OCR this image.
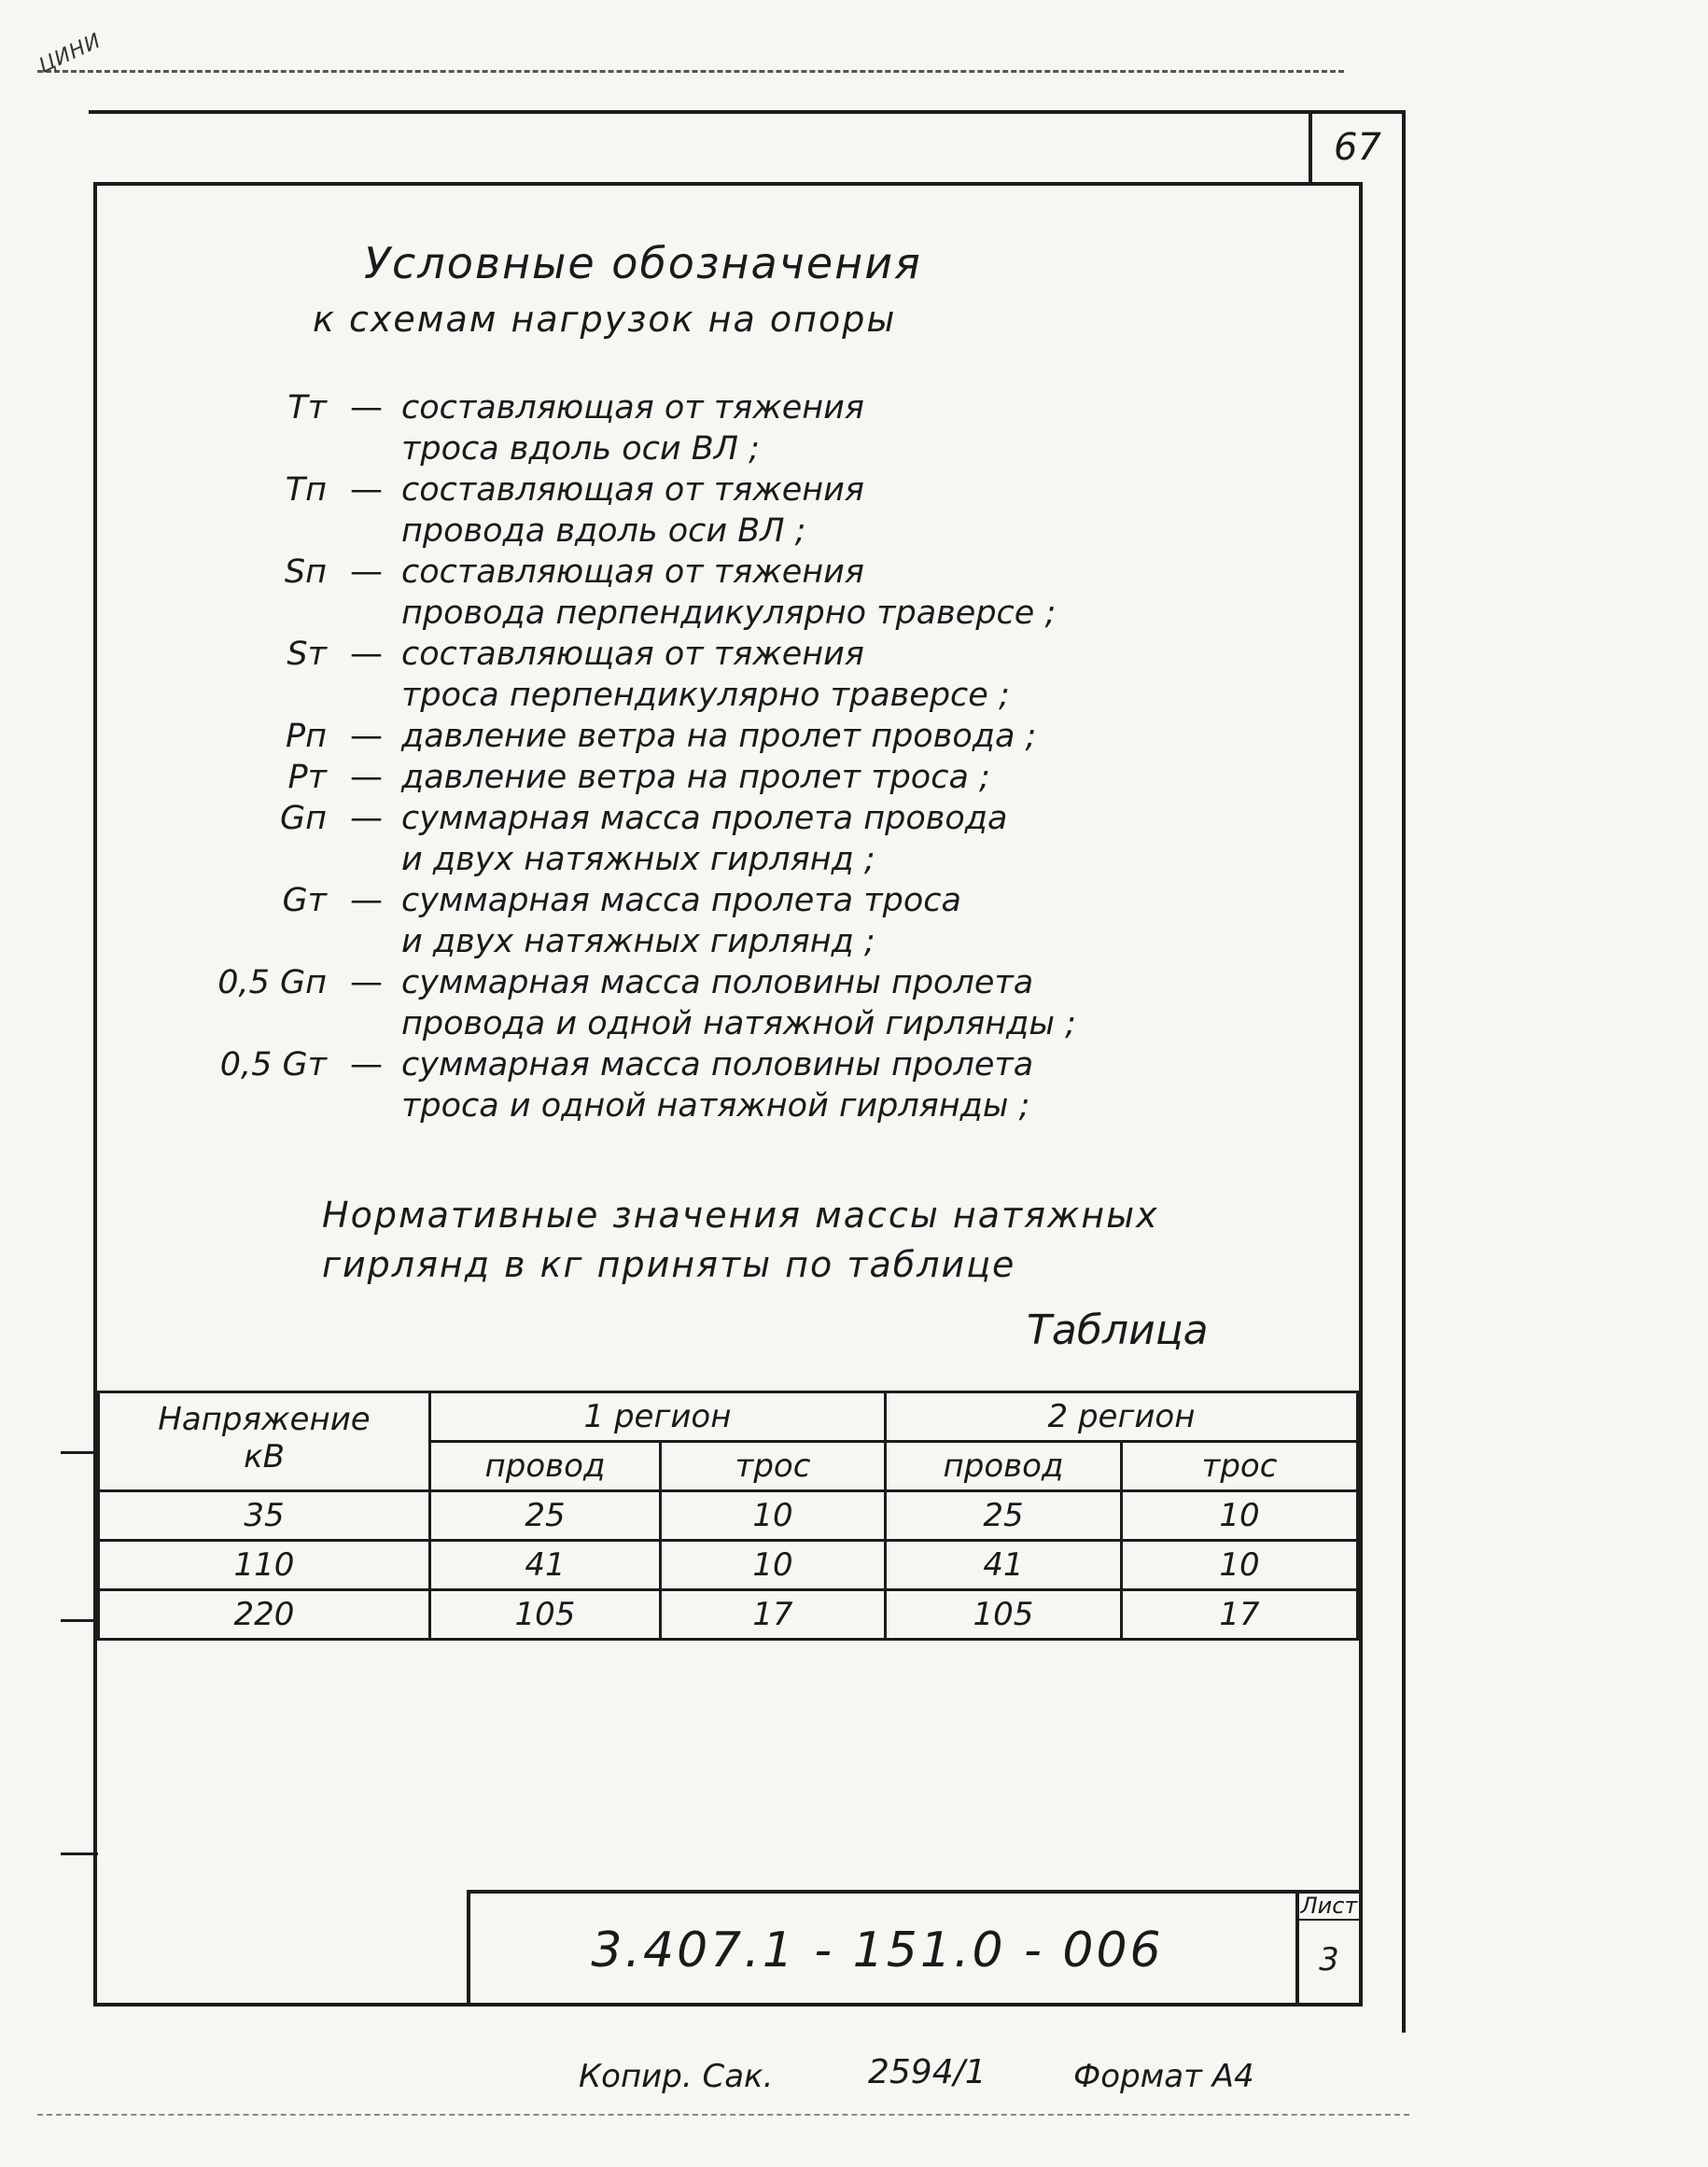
ЦИНИ
67
Условные обозначения
к схемам нагрузок на опоры
Тт — составляющая от тяжения
троса вдоль оси ВЛ ;
Тп — составляющая от тяжения
провода вдоль оси ВЛ ;
Sп — составляющая от тяжения
провода перпендикулярно траверсе ;
Sт — составляющая от тяжения
троса перпендикулярно траверсе ;
Рп — давление ветра на пролет провода ;
Рт — давление ветра на пролет троса ;
Gп — суммарная масса пролета провода
и двух натяжных гирлянд ;
Gт — суммарная масса пролета троса
и двух натяжных гирлянд ;
0,5 Gп — суммарная масса половины пролета
провода и одной натяжной гирлянды ;
0,5 Gт — суммарная масса половины пролета
троса и одной натяжной гирлянды ;
Нормативные значения массы натяжных
гирлянд в кг приняты по таблице
Таблица
Напряжение
кВ	1 регион		2 регион	
	провод	трос	провод	трос
35	25	10	25	10
110	41	10	41	10
220	105	17	105	17
3.407.1 - 151.0 - 006
Лист
3
Копир. Сак.	2594/1	Формат А4
